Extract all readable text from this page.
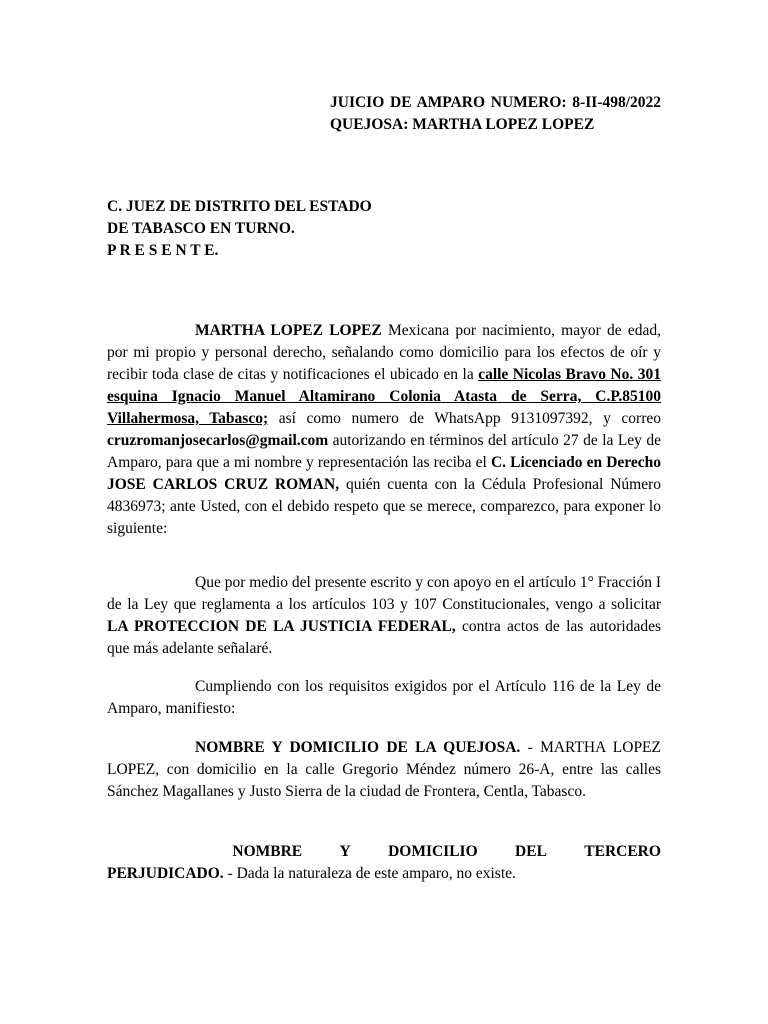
JUICIO DE AMPARO NUMERO: 8-II-498/2022 QUEJOSA: MARTHA LOPEZ LOPEZ
C. JUEZ DE DISTRITO DEL ESTADO
DE TABASCO EN TURNO.
P R E S E N T E.
MARTHA LOPEZ LOPEZ Mexicana por nacimiento, mayor de edad, por mi propio y personal derecho, señalando como domicilio para los efectos de oír y recibir toda clase de citas y notificaciones el ubicado en la calle Nicolas Bravo No. 301 esquina Ignacio Manuel Altamirano Colonia Atasta de Serra, C.P.85100 Villahermosa, Tabasco; así como numero de WhatsApp 9131097392, y correo cruzromanjosecarlos@gmail.com autorizando en términos del artículo 27 de la Ley de Amparo, para que a mi nombre y representación las reciba el C. Licenciado en Derecho JOSE CARLOS CRUZ ROMAN, quién cuenta con la Cédula Profesional Número 4836973; ante Usted, con el debido respeto que se merece, comparezco, para exponer lo siguiente:
Que por medio del presente escrito y con apoyo en el artículo 1° Fracción I de la Ley que reglamenta a los artículos 103 y 107 Constitucionales, vengo a solicitar LA PROTECCION DE LA JUSTICIA FEDERAL, contra actos de las autoridades que más adelante señalaré.
Cumpliendo con los requisitos exigidos por el Artículo 116 de la Ley de Amparo, manifiesto:
NOMBRE Y DOMICILIO DE LA QUEJOSA. - MARTHA LOPEZ LOPEZ, con domicilio en la calle Gregorio Méndez número 26-A, entre las calles Sánchez Magallanes y Justo Sierra de la ciudad de Frontera, Centla, Tabasco.
NOMBRE Y DOMICILIO DEL TERCERO
PERJUDICADO. - Dada la naturaleza de este amparo, no existe.
